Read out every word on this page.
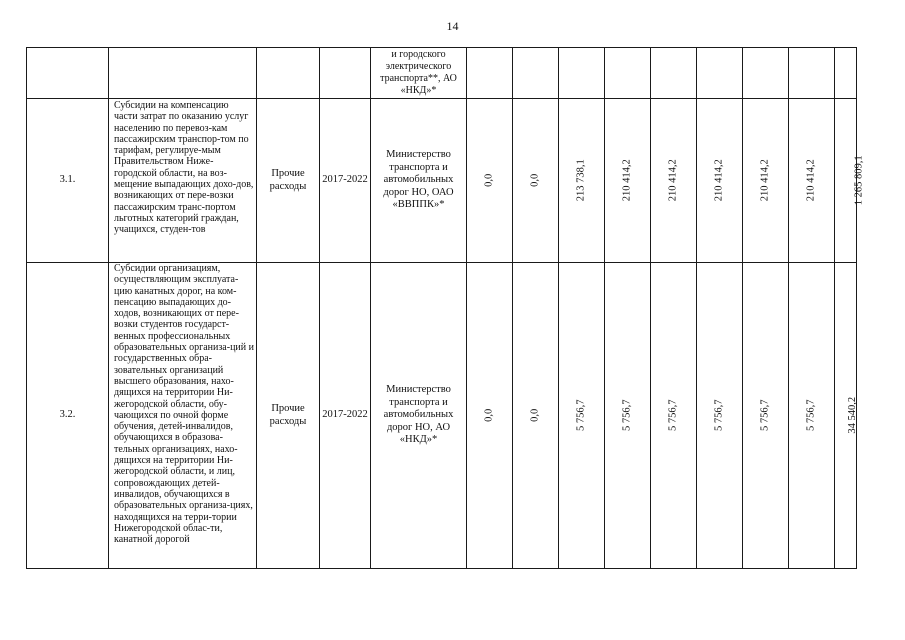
14
				и городского электрического транспорта**, АО «НКД»*									
3.1.	Субсидии на компенсацию части затрат по оказанию услуг населению по перевоз-кам пассажирским транспор-том по тарифам, регулируе-мым Правительством Нижe-городской области, на воз-мещение выпадающих дохо-дов, возникающих от пере-возки пассажирским транс-портом льготных категорий граждан, учащихся, студен-тов	Прочие расходы	2017-2022	Министерство транспорта и автомобильных дорог НО, ОАО «ВВППК»*	0,0	0,0	213 738,1	210 414,2	210 414,2	210 414,2	210 414,2	210 414,2	1 265 809,1
3.2.	Субсидии организациям, осуществляющим эксплуата-цию канатных дорог, на ком-пенсацию выпадающих до-ходов, возникающих от пере-возки студентов государст-венных профессиональных образовательных организа-ций и государственных обра-зовательных организаций высшего образования, нахо-дящихся на территории Ни-жегородской области, обу-чающихся по очной форме обучения, детей-инвалидов, обучающихся в образова-тельных организациях, нахо-дящихся на территории Ни-жегородской области, и лиц, сопровождающих детей-инвалидов, обучающихся в образовательных организа-циях, находящихся на терри-тории Нижегородской облас-ти, канатной дорогой	Прочие расходы	2017-2022	Министерство транспорта и автомобильных дорог НО, АО «НКД»*	0,0	0,0	5 756,7	5 756,7	5 756,7	5 756,7	5 756,7	5 756,7	34 540,2
